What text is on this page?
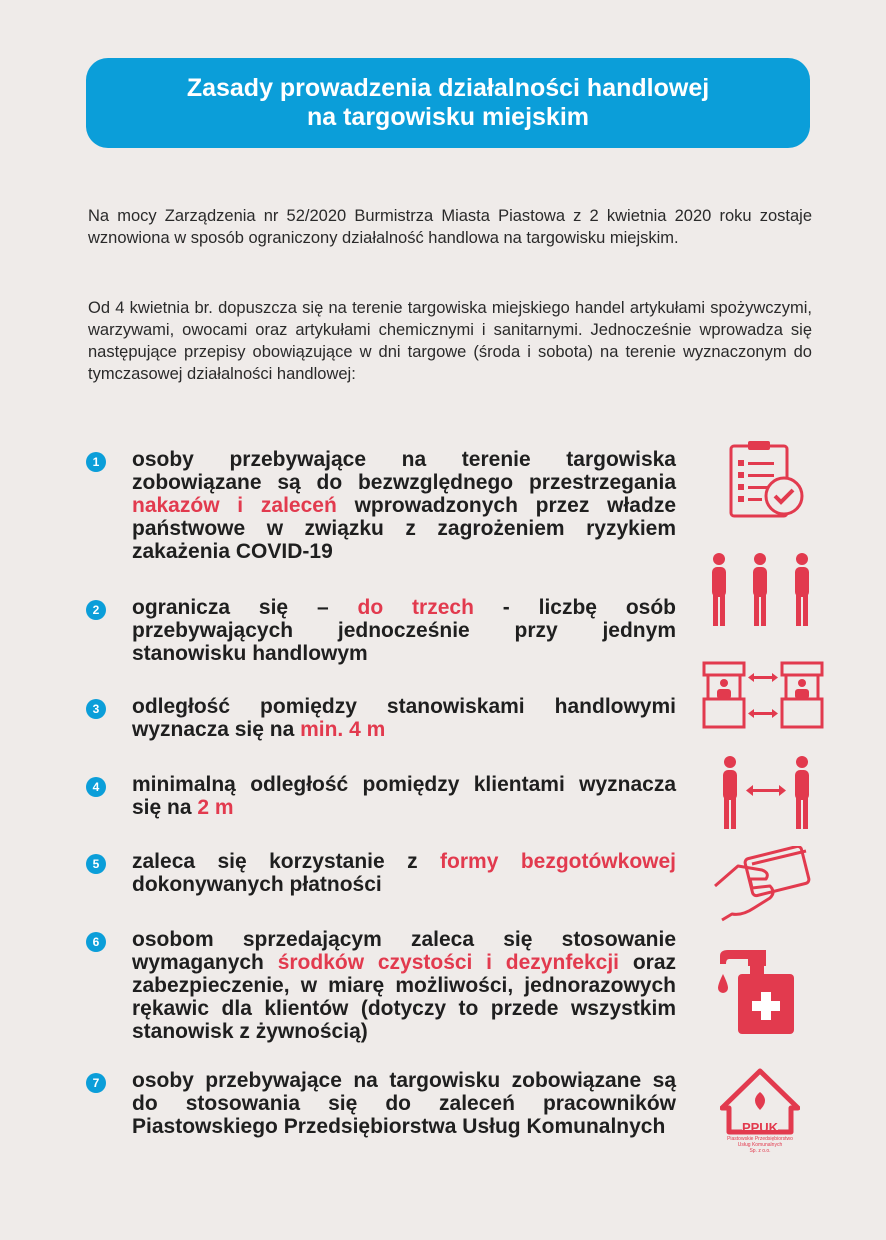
Zasady prowadzenia działalności handlowej
na targowisku miejskim

Na mocy Zarządzenia nr 52/2020 Burmistrza Miasta Piastowa z 2 kwietnia 2020 roku zostaje wznowiona w sposób ograniczony działalność handlowa na targowisku miejskim.

Od 4 kwietnia br. dopuszcza się na terenie targowiska miejskiego handel artykułami spożywczymi, warzywami, owocami oraz artykułami chemicznymi i sanitarnymi. Jednocześnie wprowadza się następujące przepisy obowiązujące w dni targowe (środa i sobota) na terenie wyznaczonym do tymczasowej działalności handlowej:

1	osoby przebywające na terenie targowiska zobowiązane są do bezwzględnego przestrzegania nakazów i zaleceń wprowadzonych przez władze państwowe w związku z zagrożeniem ryzykiem zakażenia COVID-19
2	ogranicza się – do trzech - liczbę osób przebywających jednocześnie przy jednym stanowisku handlowym
3	odległość pomiędzy stanowiskami handlowymi wyznacza się na min. 4 m
4	minimalną odległość pomiędzy klientami wyznacza się na 2 m
5	zaleca się korzystanie z formy bezgotówkowej dokonywanych płatności
6	osobom sprzedającym zaleca się stosowanie wymaganych środków czystości i dezynfekcji oraz zabezpieczenie, w miarę możliwości, jednorazowych rękawic dla klientów (dotyczy to przede wszystkim stanowisk z żywnością)
7	osoby przebywające na targowisku zobowiązane są do stosowania się do zaleceń pracowników Piastowskiego Przedsiębiorstwa Usług Komunalnych	PPUK
Piastowskie Przedsiębiorstwo
Usług Komunalnych
Sp. z o.o.
